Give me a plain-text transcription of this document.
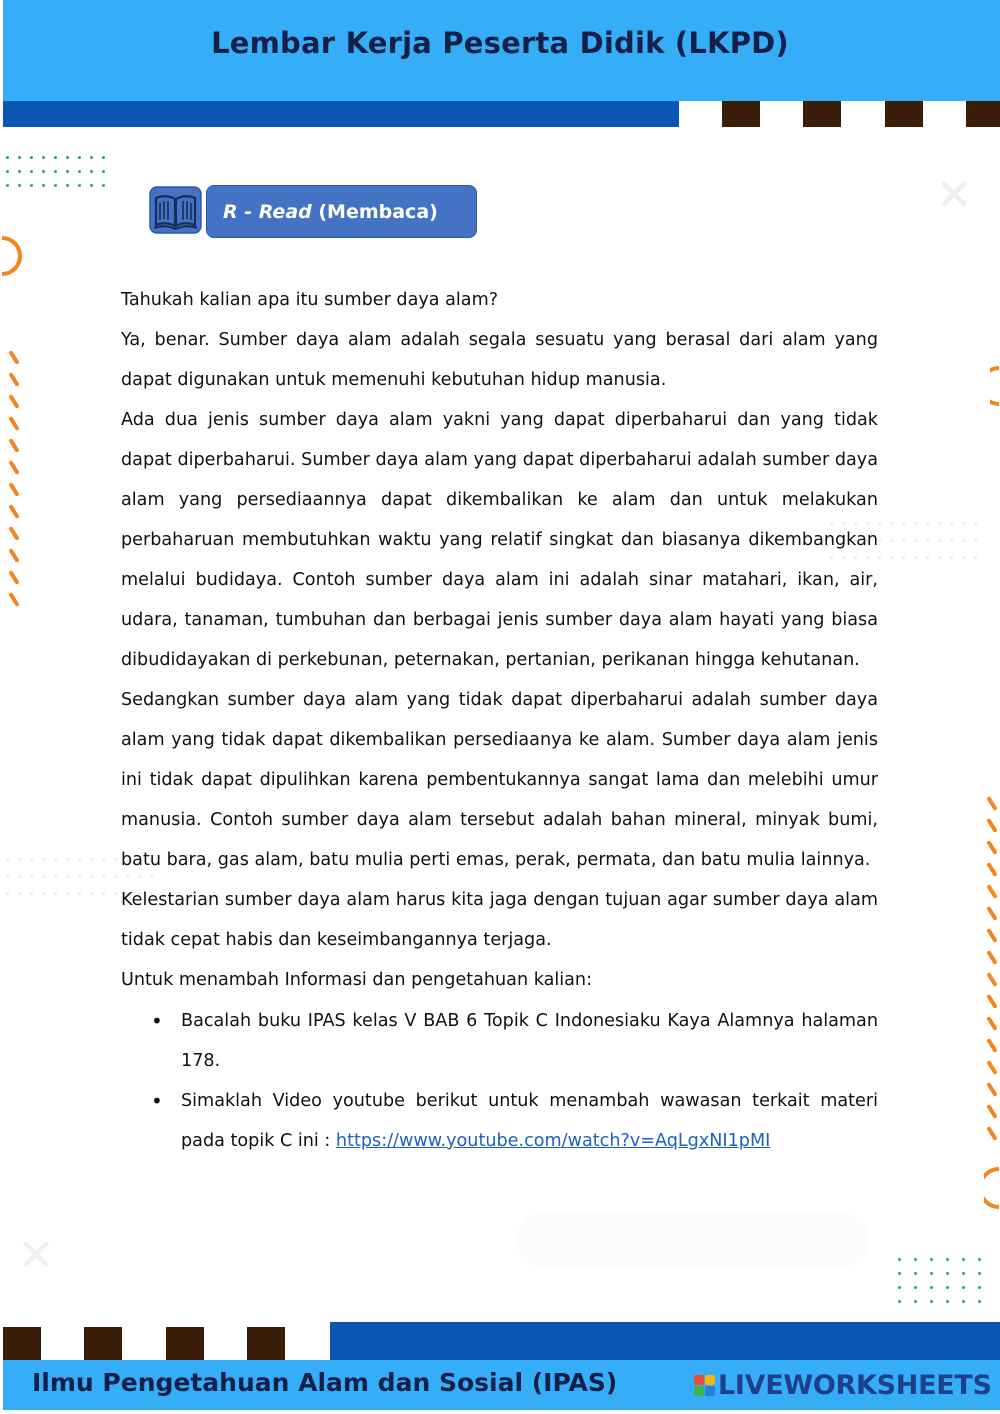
Lembar Kerja Peserta Didik (LKPD)
R - Read (Membaca)

Tahukah kalian apa itu sumber daya alam?

Ya, benar. Sumber daya alam adalah segala sesuatu yang berasal dari alam yang dapat digunakan untuk memenuhi kebutuhan hidup manusia.

Ada dua jenis sumber daya alam yakni yang dapat diperbaharui dan yang tidak dapat diperbaharui. Sumber daya alam yang dapat diperbaharui adalah sumber daya alam yang persediaannya dapat dikembalikan ke alam dan untuk melakukan perbaharuan membutuhkan waktu yang relatif singkat dan biasanya dikembangkan melalui budidaya. Contoh sumber daya alam ini adalah sinar matahari, ikan, air, udara, tanaman, tumbuhan dan berbagai jenis sumber daya alam hayati yang biasa dibudidayakan di perkebunan, peternakan, pertanian, perikanan hingga kehutanan.

Sedangkan sumber daya alam yang tidak dapat diperbaharui adalah sumber daya alam yang tidak dapat dikembalikan persediaanya ke alam. Sumber daya alam jenis ini tidak dapat dipulihkan karena pembentukannya sangat lama dan melebihi umur manusia. Contoh sumber daya alam tersebut adalah bahan mineral, minyak bumi, batu bara, gas alam, batu mulia perti emas, perak, permata, dan batu mulia lainnya.

Kelestarian sumber daya alam harus kita jaga dengan tujuan agar sumber daya alam tidak cepat habis dan keseimbangannya terjaga.

Untuk menambah Informasi dan pengetahuan kalian:

• Bacalah buku IPAS kelas V BAB 6 Topik C Indonesiaku Kaya Alamnya halaman 178.
• Simaklah Video youtube berikut untuk menambah wawasan terkait materi pada topik C ini : https://www.youtube.com/watch?v=AqLgxNI1pMI
Ilmu Pengetahuan Alam dan Sosial (IPAS)	LIVEWORKSHEETS
